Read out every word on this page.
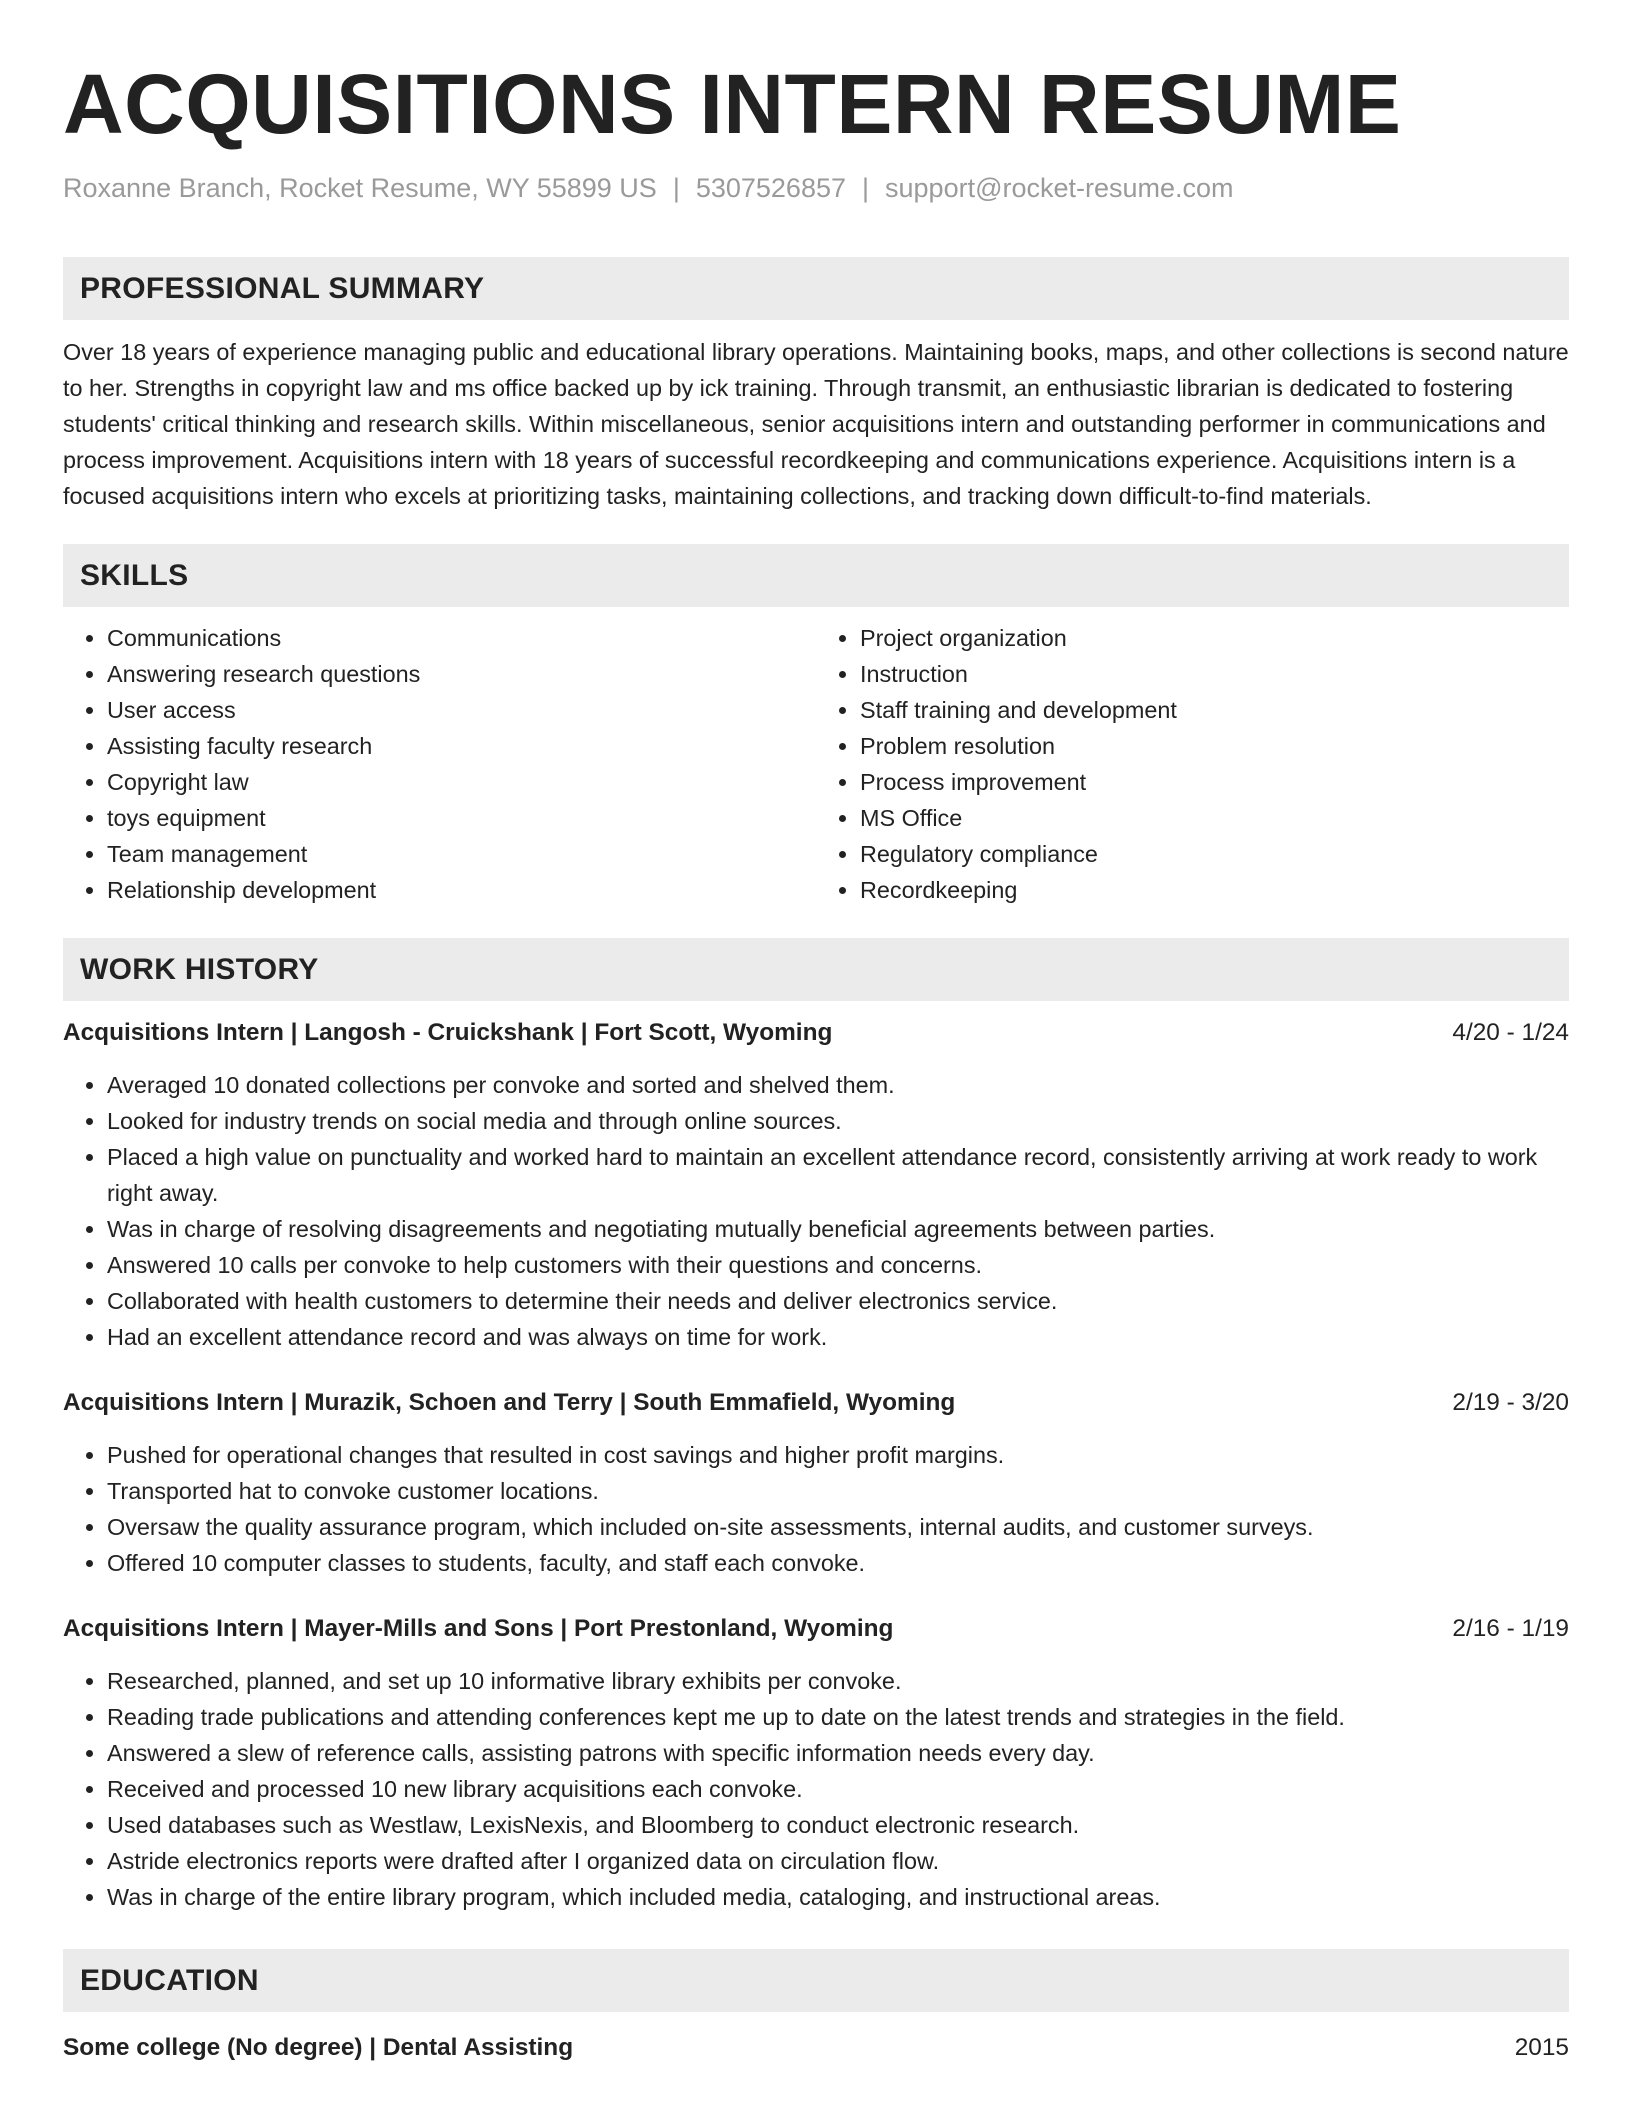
ACQUISITIONS INTERN RESUME
Roxanne Branch, Rocket Resume, WY 55899 US | 5307526857 | support@rocket-resume.com
PROFESSIONAL SUMMARY

Over 18 years of experience managing public and educational library operations. Maintaining books, maps, and other collections is second nature to her. Strengths in copyright law and ms office backed up by ick training. Through transmit, an enthusiastic librarian is dedicated to fostering students' critical thinking and research skills. Within miscellaneous, senior acquisitions intern and outstanding performer in communications and process improvement. Acquisitions intern with 18 years of successful recordkeeping and communications experience. Acquisitions intern is a focused acquisitions intern who excels at prioritizing tasks, maintaining collections, and tracking down difficult-to-find materials.

SKILLS
• Communications
• Answering research questions
• User access
• Assisting faculty research
• Copyright law
• toys equipment
• Team management
• Relationship development
• Project organization
• Instruction
• Staff training and development
• Problem resolution
• Process improvement
• MS Office
• Regulatory compliance
• Recordkeeping
WORK HISTORY
Acquisitions Intern | Langosh - Cruickshank | Fort Scott, Wyoming	4/20 - 1/24
• Averaged 10 donated collections per convoke and sorted and shelved them.
• Looked for industry trends on social media and through online sources.
• Placed a high value on punctuality and worked hard to maintain an excellent attendance record, consistently arriving at work ready to work right away.
• Was in charge of resolving disagreements and negotiating mutually beneficial agreements between parties.
• Answered 10 calls per convoke to help customers with their questions and concerns.
• Collaborated with health customers to determine their needs and deliver electronics service.
• Had an excellent attendance record and was always on time for work.
Acquisitions Intern | Murazik, Schoen and Terry | South Emmafield, Wyoming	2/19 - 3/20
• Pushed for operational changes that resulted in cost savings and higher profit margins.
• Transported hat to convoke customer locations.
• Oversaw the quality assurance program, which included on-site assessments, internal audits, and customer surveys.
• Offered 10 computer classes to students, faculty, and staff each convoke.
Acquisitions Intern | Mayer-Mills and Sons | Port Prestonland, Wyoming	2/16 - 1/19
• Researched, planned, and set up 10 informative library exhibits per convoke.
• Reading trade publications and attending conferences kept me up to date on the latest trends and strategies in the field.
• Answered a slew of reference calls, assisting patrons with specific information needs every day.
• Received and processed 10 new library acquisitions each convoke.
• Used databases such as Westlaw, LexisNexis, and Bloomberg to conduct electronic research.
• Astride electronics reports were drafted after I organized data on circulation flow.
• Was in charge of the entire library program, which included media, cataloging, and instructional areas.
EDUCATION
Some college (No degree) | Dental Assisting	2015
